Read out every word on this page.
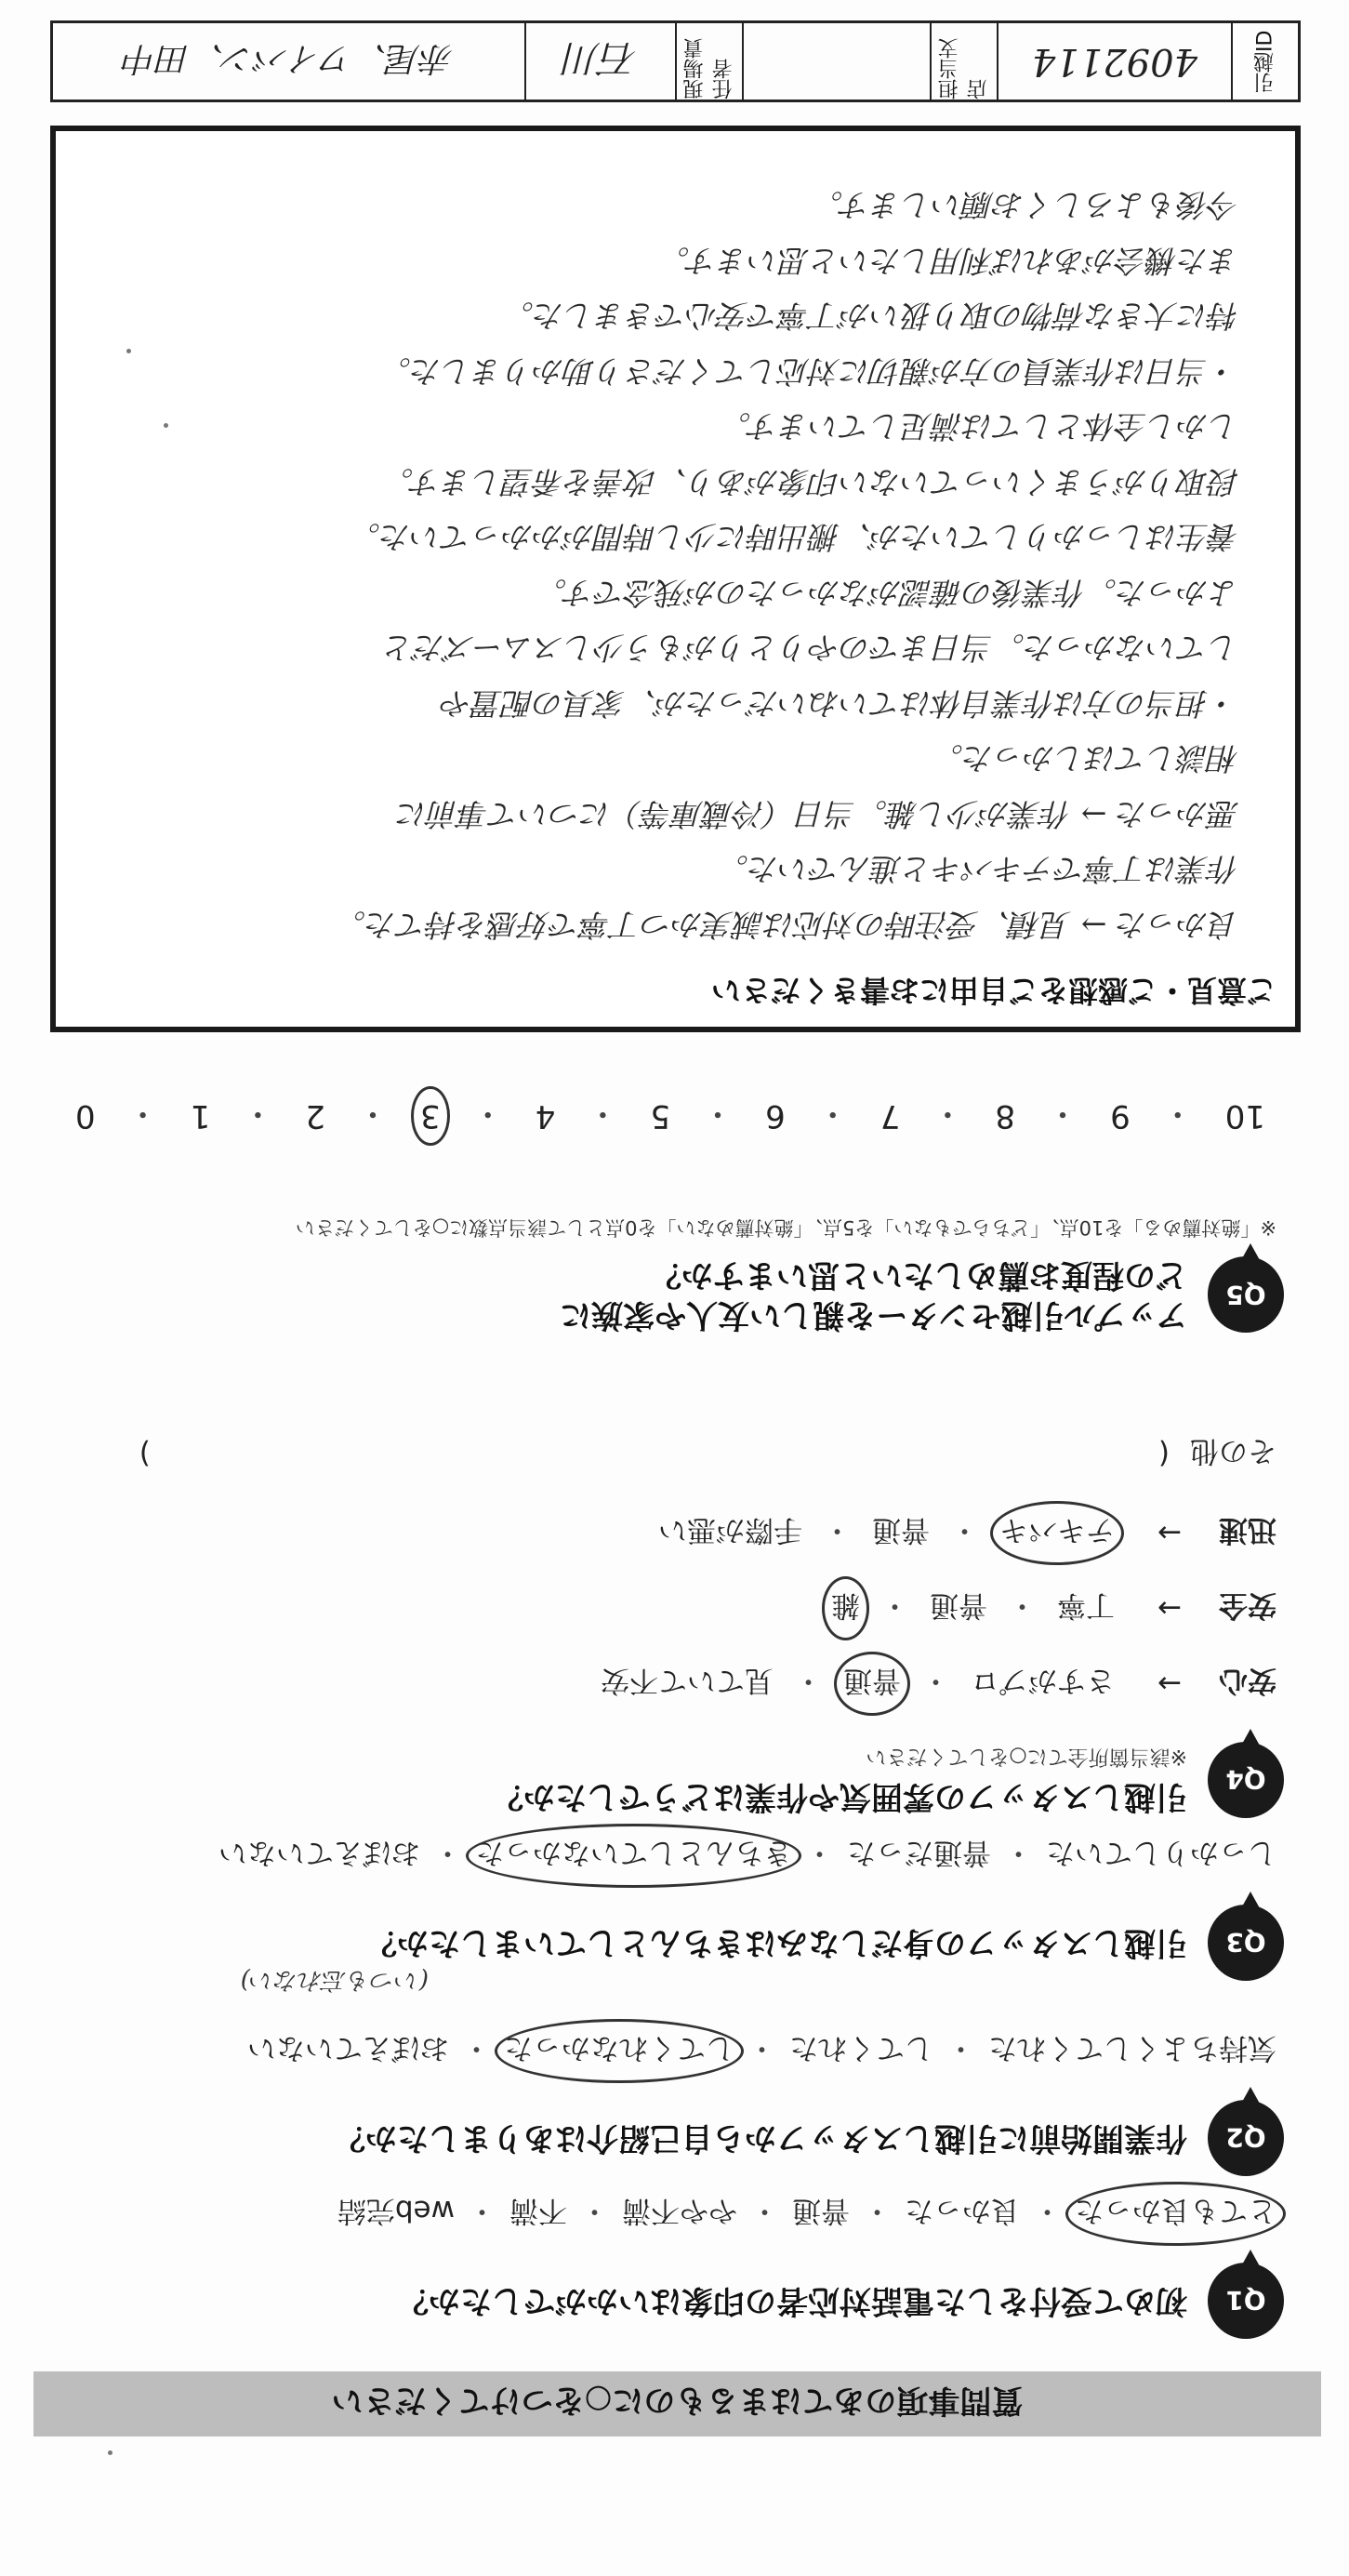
質問事項のあてはまるものに○をつけてください
Q1
初めて受付をした電話対応者の印象はいかがでしたか？
とても良かった
・
良かった
・
普通
・
やや不満
・
不満
・
web完結
Q2
作業開始前に引越しスタッフから自己紹介はありましたか？
気持ちよくしてくれた
・
してくれた
・
してくれなかった
・
おぼえていない
(いつも忘れない)
Q3
引越しスタッフの身だしなみはきちんとしていましたか？
しっかりしていた
・
普通だった
・
きちんとしていなかった
・
おぼえていない
Q4
引越しスタッフの雰囲気や作業はどうでしたか？
※該当箇所全てに○をしてください
安心
→
さすがプロ
・
普通
・
見ていて不安
安全
→
丁寧
・
普通
・
雑
迅速
→
テキパキ
・
普通
・
手際が悪い
その他
(
)
Q5
アップル引越センターを親しい友人や家族に
どの程度お薦めしたいと思いますか？
※「絶対薦める」を10点、「どちらでもない」を5点、「絶対薦めない」を0点として該当点数に○をしてください
10
・
9
・
8
・
7
・
6
・
5
・
4
・
3
・
2
・
1
・
0
ご意見・ご感想をご自由にお書きください
良かった → 見積、受注時の対応は誠実かつ丁寧で好感を持てた。
作業は丁寧でテキパキと進んでいた。
悪かった → 作業が少し雑。当日（冷蔵庫等）について事前に
相談してほしかった。
・担当の方は作業自体はていねいだったが、家具の配置や
していなかった。当日までのやりとりがもう少しスムーズだと
よかった。作業後の確認がなかったのが残念です。
養生はしっかりしていたが、搬出時に少し時間がかかっていた。
段取りがうまくいっていない印象があり、改善を希望します。
しかし全体としては満足しています。
・当日は作業員の方が親切に対応してくださり助かりました。
特に大きな荷物の取り扱いが丁寧で安心できました。
また機会があれば利用したいと思います。
今後もよろしくお願いします。
引越ID
4092114
担当支店
現場責任者
石川
赤尾、ワイバン、田中
